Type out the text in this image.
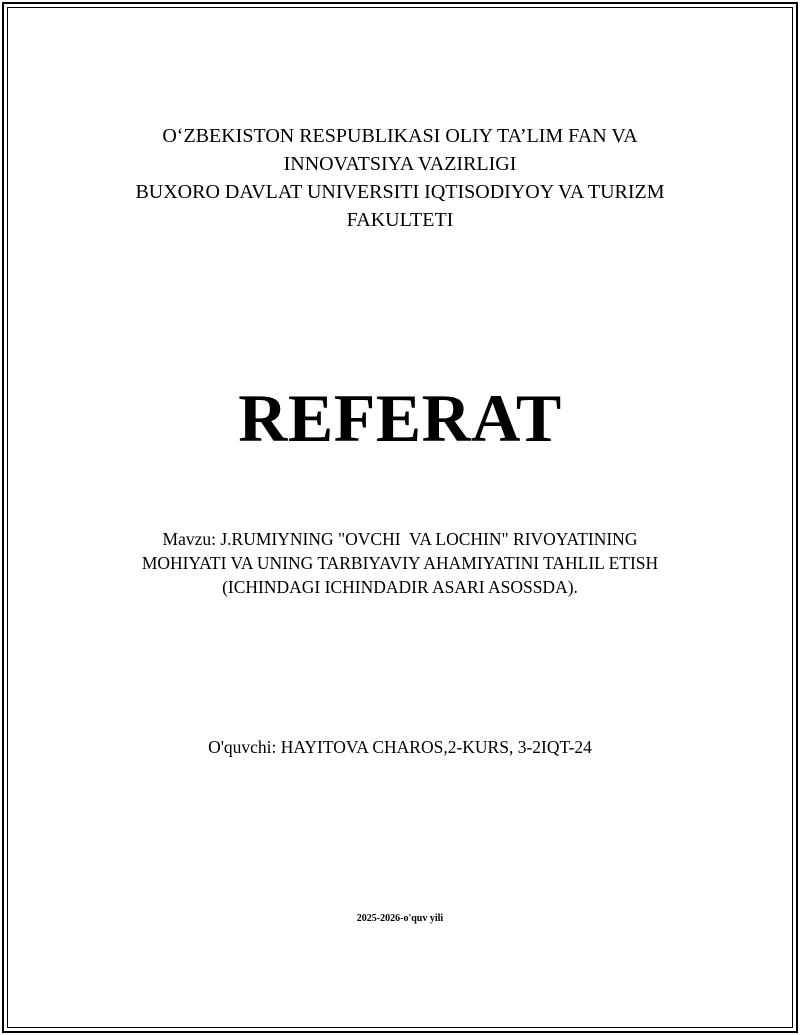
O‘ZBEKISTON RESPUBLIKASI OLIY TA’LIM FAN VA
INNOVATSIYA VAZIRLIGI
BUXORO DAVLAT UNIVERSITI IQTISODIYOY VA TURIZM
FAKULTETI
REFERAT
Mavzu: J.RUMIYNING "OVCHI  VA LOCHIN" RIVOYATINING
MOHIYATI VA UNING TARBIYAVIY AHAMIYATINI TAHLIL ETISH
(ICHINDAGI ICHINDADIR ASARI ASOSSDA).
O'quvchi: HAYITOVA CHAROS,2-KURS, 3-2IQT-24
2025-2026-o'quv yili
